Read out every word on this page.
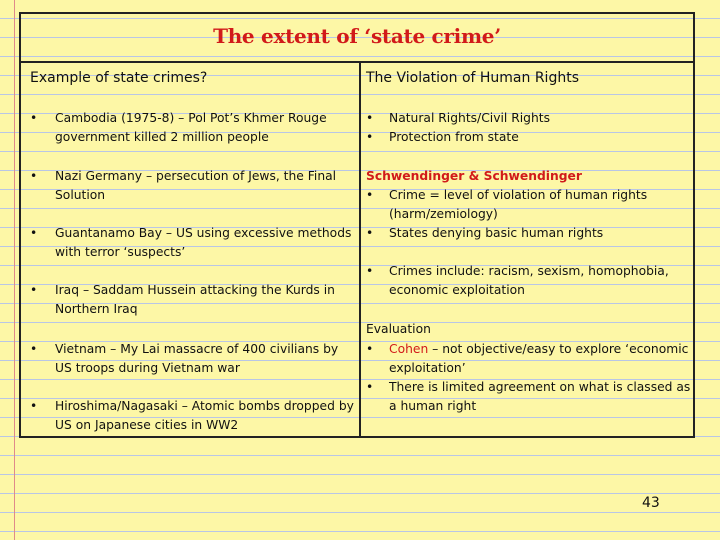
The extent of ‘state crime’
Example of state crimes?
• Cambodia (1975-8) – Pol Pot’s Khmer Rouge government killed 2 million people
• Nazi Germany – persecution of Jews, the Final Solution
• Guantanamo Bay – US using excessive methods with terror ‘suspects’
• Iraq – Saddam Hussein attacking the Kurds in Northern Iraq
• Vietnam – My Lai massacre of 400 civilians by US troops during Vietnam war
• Hiroshima/Nagasaki – Atomic bombs dropped by US on Japanese cities in WW2
The Violation of Human Rights
• Natural Rights/Civil Rights
• Protection from state
Schwendinger & Schwendinger
• Crime = level of violation of human rights (harm/zemiology)
• States denying basic human rights
• Crimes include: racism, sexism, homophobia, economic exploitation
Evaluation
• Cohen – not objective/easy to explore ‘economic exploitation’
• There is limited agreement on what is classed as a human right
43
